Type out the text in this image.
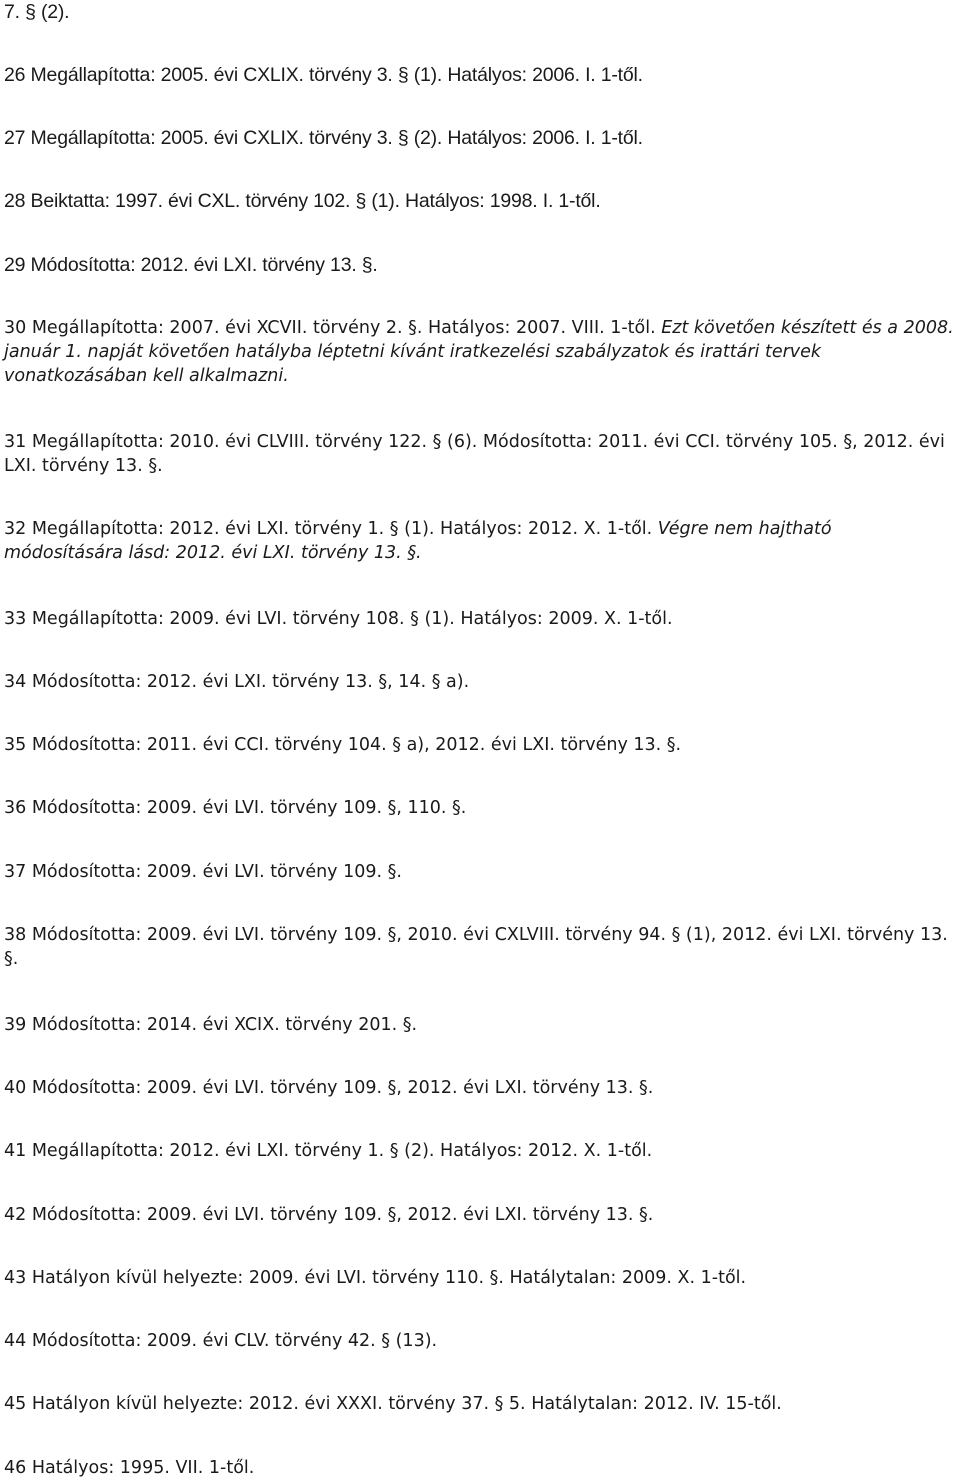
7. § (2).

26 Megállapította: 2005. évi CXLIX. törvény 3. § (1). Hatályos: 2006. I. 1-től.

27 Megállapította: 2005. évi CXLIX. törvény 3. § (2). Hatályos: 2006. I. 1-től.

28 Beiktatta: 1997. évi CXL. törvény 102. § (1). Hatályos: 1998. I. 1-től.

29 Módosította: 2012. évi LXI. törvény 13. §.

30 Megállapította: 2007. évi XCVII. törvény 2. §. Hatályos: 2007. VIII. 1-től. Ezt követően készített és a 2008. január 1. napját követően hatályba léptetni kívánt iratkezelési szabályzatok és irattári tervek vonatkozásában kell alkalmazni.

31 Megállapította: 2010. évi CLVIII. törvény 122. § (6). Módosította: 2011. évi CCI. törvény 105. §, 2012. évi LXI. törvény 13. §.

32 Megállapította: 2012. évi LXI. törvény 1. § (1). Hatályos: 2012. X. 1-től. Végre nem hajtható módosítására lásd: 2012. évi LXI. törvény 13. §.

33 Megállapította: 2009. évi LVI. törvény 108. § (1). Hatályos: 2009. X. 1-től.

34 Módosította: 2012. évi LXI. törvény 13. §, 14. § a).

35 Módosította: 2011. évi CCI. törvény 104. § a), 2012. évi LXI. törvény 13. §.

36 Módosította: 2009. évi LVI. törvény 109. §, 110. §.

37 Módosította: 2009. évi LVI. törvény 109. §.

38 Módosította: 2009. évi LVI. törvény 109. §, 2010. évi CXLVIII. törvény 94. § (1), 2012. évi LXI. törvény 13. §.

39 Módosította: 2014. évi XCIX. törvény 201. §.

40 Módosította: 2009. évi LVI. törvény 109. §, 2012. évi LXI. törvény 13. §.

41 Megállapította: 2012. évi LXI. törvény 1. § (2). Hatályos: 2012. X. 1-től.

42 Módosította: 2009. évi LVI. törvény 109. §, 2012. évi LXI. törvény 13. §.

43 Hatályon kívül helyezte: 2009. évi LVI. törvény 110. §. Hatálytalan: 2009. X. 1-től.

44 Módosította: 2009. évi CLV. törvény 42. § (13).

45 Hatályon kívül helyezte: 2012. évi XXXI. törvény 37. § 5. Hatálytalan: 2012. IV. 15-től.

46 Hatályos: 1995. VII. 1-től.
